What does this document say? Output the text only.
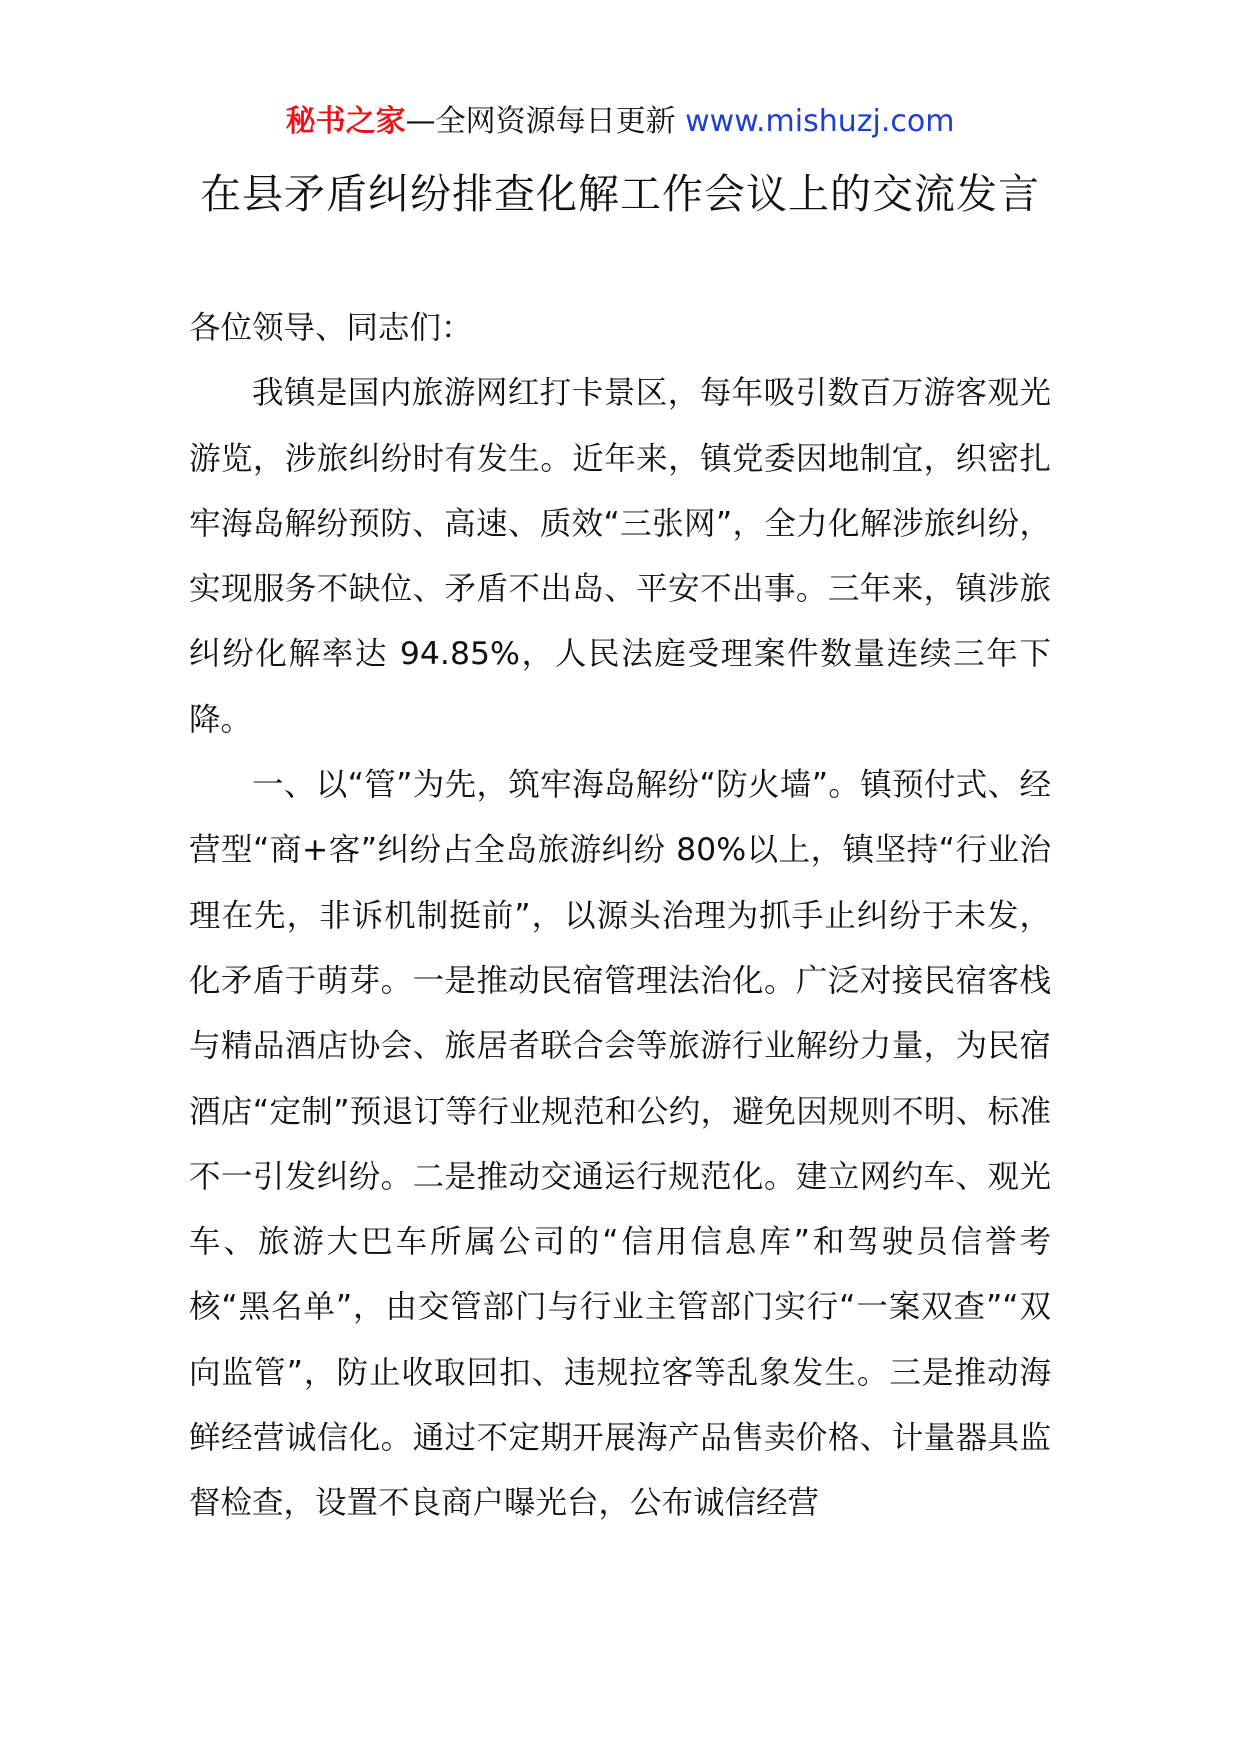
秘书之家—全网资源每日更新 www.mishuzj.com
在县矛盾纠纷排查化解工作会议上的交流发言

各位领导、同志们：

我镇是国内旅游网红打卡景区，每年吸引数百万游客观光游览，涉旅纠纷时有发生。近年来，镇党委因地制宜，织密扎牢海岛解纷预防、高速、质效“三张网”，全力化解涉旅纠纷，实现服务不缺位、矛盾不出岛、平安不出事。三年来，镇涉旅纠纷化解率达 94.85%，人民法庭受理案件数量连续三年下降。

一、以“管”为先，筑牢海岛解纷“防火墙”。镇预付式、经营型“商+客”纠纷占全岛旅游纠纷 80%以上，镇坚持“行业治理在先，非诉机制挺前”，以源头治理为抓手止纠纷于未发，化矛盾于萌芽。一是推动民宿管理法治化。广泛对接民宿客栈与精品酒店协会、旅居者联合会等旅游行业解纷力量，为民宿酒店“定制”预退订等行业规范和公约，避免因规则不明、标准不一引发纠纷。二是推动交通运行规范化。建立网约车、观光车、旅游大巴车所属公司的“信用信息库”和驾驶员信誉考核“黑名单”，由交管部门与行业主管部门实行“一案双查”“双向监管”，防止收取回扣、违规拉客等乱象发生。三是推动海鲜经营诚信化。通过不定期开展海产品售卖价格、计量器具监督检查，设置不良商户曝光台，公布诚信经营
